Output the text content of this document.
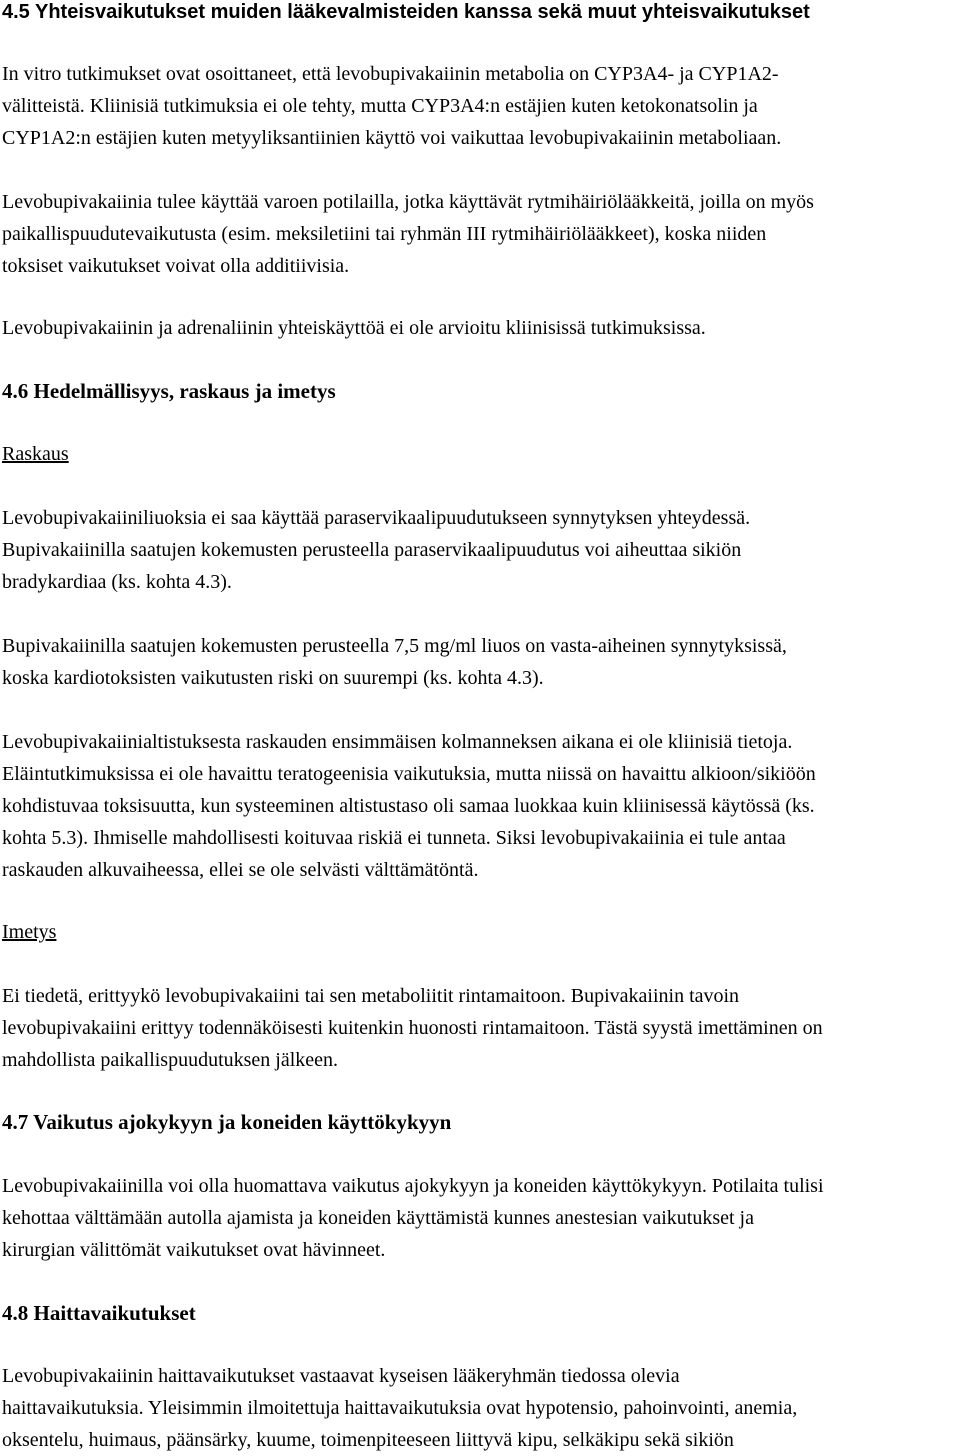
4.5 Yhteisvaikutukset muiden lääkevalmisteiden kanssa sekä muut yhteisvaikutukset
In vitro tutkimukset ovat osoittaneet, että levobupivakaiinin metabolia on CYP3A4- ja CYP1A2-
välitteistä. Kliinisiä tutkimuksia ei ole tehty, mutta CYP3A4:n estäjien kuten ketokonatsolin ja
CYP1A2:n estäjien kuten metyyliksantiinien käyttö voi vaikuttaa levobupivakaiinin metaboliaan.
Levobupivakaiinia tulee käyttää varoen potilailla, jotka käyttävät rytmihäiriölääkkeitä, joilla on myös
paikallispuudutevaikutusta (esim. meksiletiini tai ryhmän III rytmihäiriölääkkeet), koska niiden
toksiset vaikutukset voivat olla additiivisia.
Levobupivakaiinin ja adrenaliinin yhteiskäyttöä ei ole arvioitu kliinisissä tutkimuksissa.
4.6 Hedelmällisyys, raskaus ja imetys
Raskaus
Levobupivakaiiniliuoksia ei saa käyttää paraservikaalipuudutukseen synnytyksen yhteydessä.
Bupivakaiinilla saatujen kokemusten perusteella paraservikaalipuudutus voi aiheuttaa sikiön
bradykardiaa (ks. kohta 4.3).
Bupivakaiinilla saatujen kokemusten perusteella 7,5 mg/ml liuos on vasta-aiheinen synnytyksissä,
koska kardiotoksisten vaikutusten riski on suurempi (ks. kohta 4.3).
Levobupivakaiinialtistuksesta raskauden ensimmäisen kolmanneksen aikana ei ole kliinisiä tietoja.
Eläintutkimuksissa ei ole havaittu teratogeenisia vaikutuksia, mutta niissä on havaittu alkioon/sikiöön
kohdistuvaa toksisuutta, kun systeeminen altistustaso oli samaa luokkaa kuin kliinisessä käytössä (ks.
kohta 5.3). Ihmiselle mahdollisesti koituvaa riskiä ei tunneta. Siksi levobupivakaiinia ei tule antaa
raskauden alkuvaiheessa, ellei se ole selvästi välttämätöntä.
Imetys
Ei tiedetä, erittyykö levobupivakaiini tai sen metaboliitit rintamaitoon. Bupivakaiinin tavoin
levobupivakaiini erittyy todennäköisesti kuitenkin huonosti rintamaitoon. Tästä syystä imettäminen on
mahdollista paikallispuudutuksen jälkeen.
4.7 Vaikutus ajokykyyn ja koneiden käyttökykyyn
Levobupivakaiinilla voi olla huomattava vaikutus ajokykyyn ja koneiden käyttökykyyn. Potilaita tulisi
kehottaa välttämään autolla ajamista ja koneiden käyttämistä kunnes anestesian vaikutukset ja
kirurgian välittömät vaikutukset ovat hävinneet.
4.8 Haittavaikutukset
Levobupivakaiinin haittavaikutukset vastaavat kyseisen lääkeryhmän tiedossa olevia
haittavaikutuksia. Yleisimmin ilmoitettuja haittavaikutuksia ovat hypotensio, pahoinvointi, anemia,
oksentelu, huimaus, päänsärky, kuume, toimenpiteeseen liittyvä kipu, selkäkipu sekä sikiön
